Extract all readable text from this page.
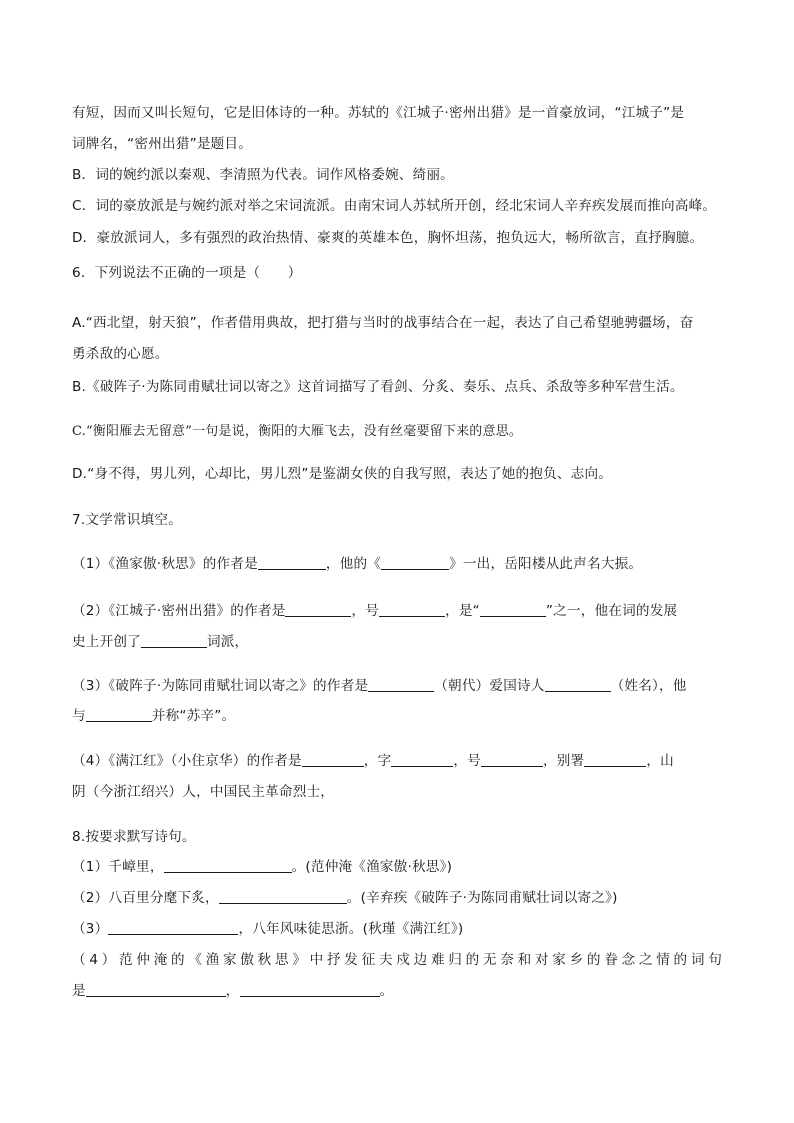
有短，因而又叫长短句，它是旧体诗的一种。苏轼的《江城子·密州出猎》是一首豪放词，“江城子”是
词牌名，“密州出猎”是题目。
B．词的婉约派以秦观、李清照为代表。词作风格委婉、绮丽。
C．词的豪放派是与婉约派对举之宋词流派。由南宋词人苏轼所开创，经北宋词人辛弃疾发展而推向高峰。
D．豪放派词人，多有强烈的政治热情、豪爽的英雄本色，胸怀坦荡，抱负远大，畅所欲言，直抒胸臆。
6．下列说法不正确的一项是（　　）
A.“西北望，射天狼”，作者借用典故，把打猎与当时的战事结合在一起，表达了自己希望驰骋疆场，奋
勇杀敌的心愿。
B.《破阵子·为陈同甫赋壮词以寄之》这首词描写了看剑、分炙、奏乐、点兵、杀敌等多种军营生活。
C.“衡阳雁去无留意”一句是说，衡阳的大雁飞去，没有丝毫要留下来的意思。
D.“身不得，男儿列，心却比，男儿烈”是鉴湖女侠的自我写照，表达了她的抱负、志向。
7.文学常识填空。
（1）《渔家傲·秋思》的作者是	，他的《	》一出，岳阳楼从此声名大振。
（2）《江城子·密州出猎》的作者是	，号	，是“	”之一，他在词的发展
史上开创了	词派，
（3）《破阵子·为陈同甫赋壮词以寄之》的作者是	（朝代）爱国诗人	（姓名），他
与	并称“苏辛”。
（4）《满江红》（小住京华）的作者是	，字	，号	，别署	，山
阴（今浙江绍兴）人，中国民主革命烈士，
8.按要求默写诗句。
（1）千嶂里，	。(范仲淹《渔家傲·秋思》)
（2）八百里分麾下炙，	。(辛弃疾《破阵子·为陈同甫赋壮词以寄之》)
（3）	，八年风味徒思浙。(秋瑾《满江红》)
（4）范仲淹的《渔家傲秋思》中抒发征夫戍边难归的无奈和对家乡的眷念之情的词句
是	，	。
